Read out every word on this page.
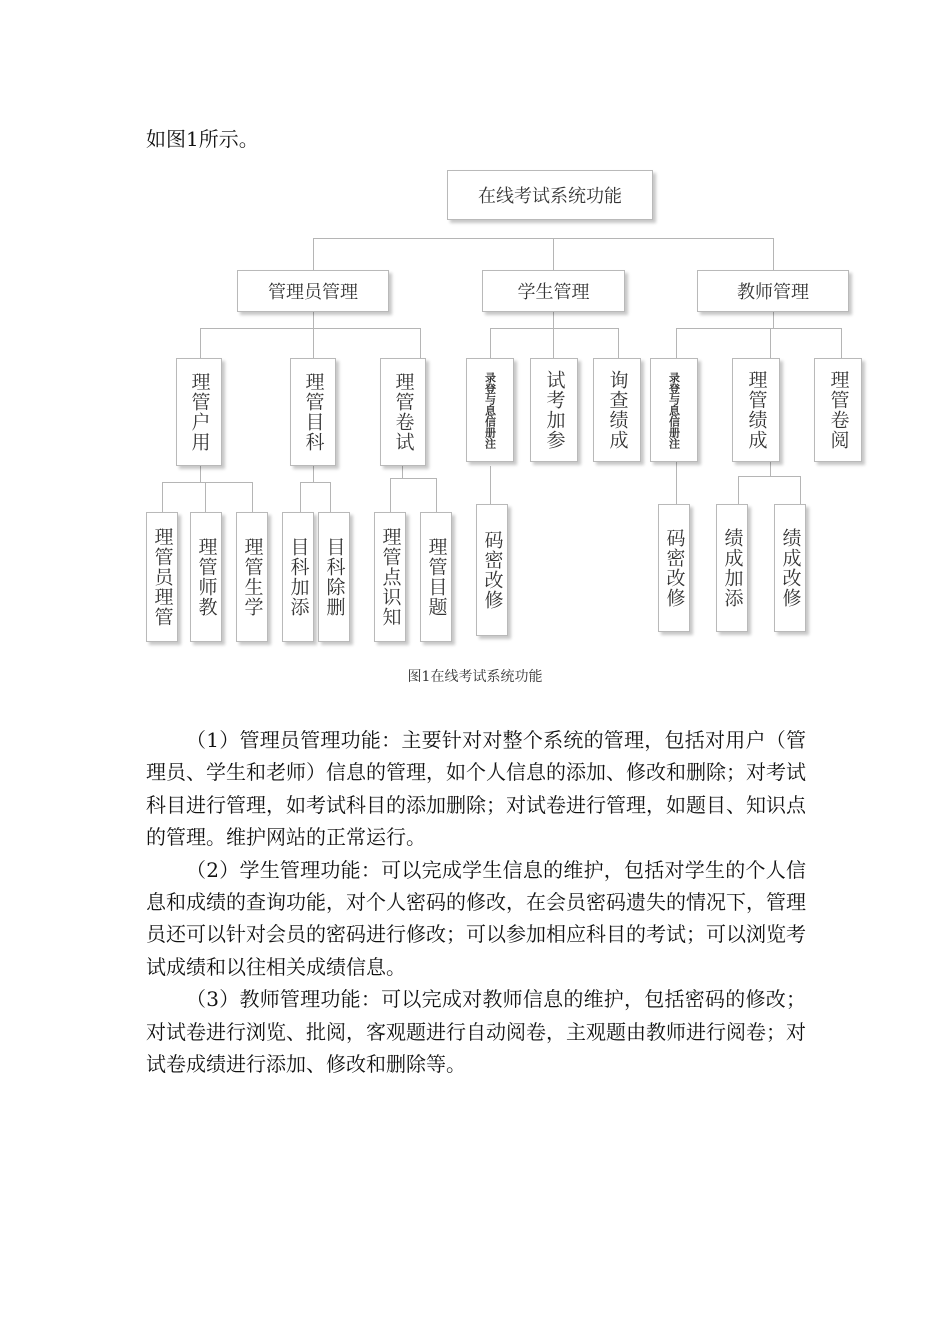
如图1所示。

在线考试系统功能
管理员管理	学生管理	教师管理
理管户用	理管目科	理管卷试	录登与息信册注 试考加参 询查绩成	录登与息信册注	理管绩成	理管卷阅
理管员理管 理管师教 理管生学 目科加添 目科除删 理管点识知 理管目题 码密改修	码密改修 绩成加添 绩成改修

图1在线考试系统功能

（1）管理员管理功能：主要针对对整个系统的管理，包括对用户（管理员、学生和老师）信息的管理，如个人信息的添加、修改和删除；对考试科目进行管理，如考试科目的添加删除；对试卷进行管理，如题目、知识点的管理。维护网站的正常运行。

（2）学生管理功能：可以完成学生信息的维护，包括对学生的个人信息和成绩的查询功能，对个人密码的修改，在会员密码遗失的情况下，管理员还可以针对会员的密码进行修改；可以参加相应科目的考试；可以浏览考试成绩和以往相关成绩信息。

（3）教师管理功能：可以完成对教师信息的维护，包括密码的修改；对试卷进行浏览、批阅，客观题进行自动阅卷，主观题由教师进行阅卷；对试卷成绩进行添加、修改和删除等。
